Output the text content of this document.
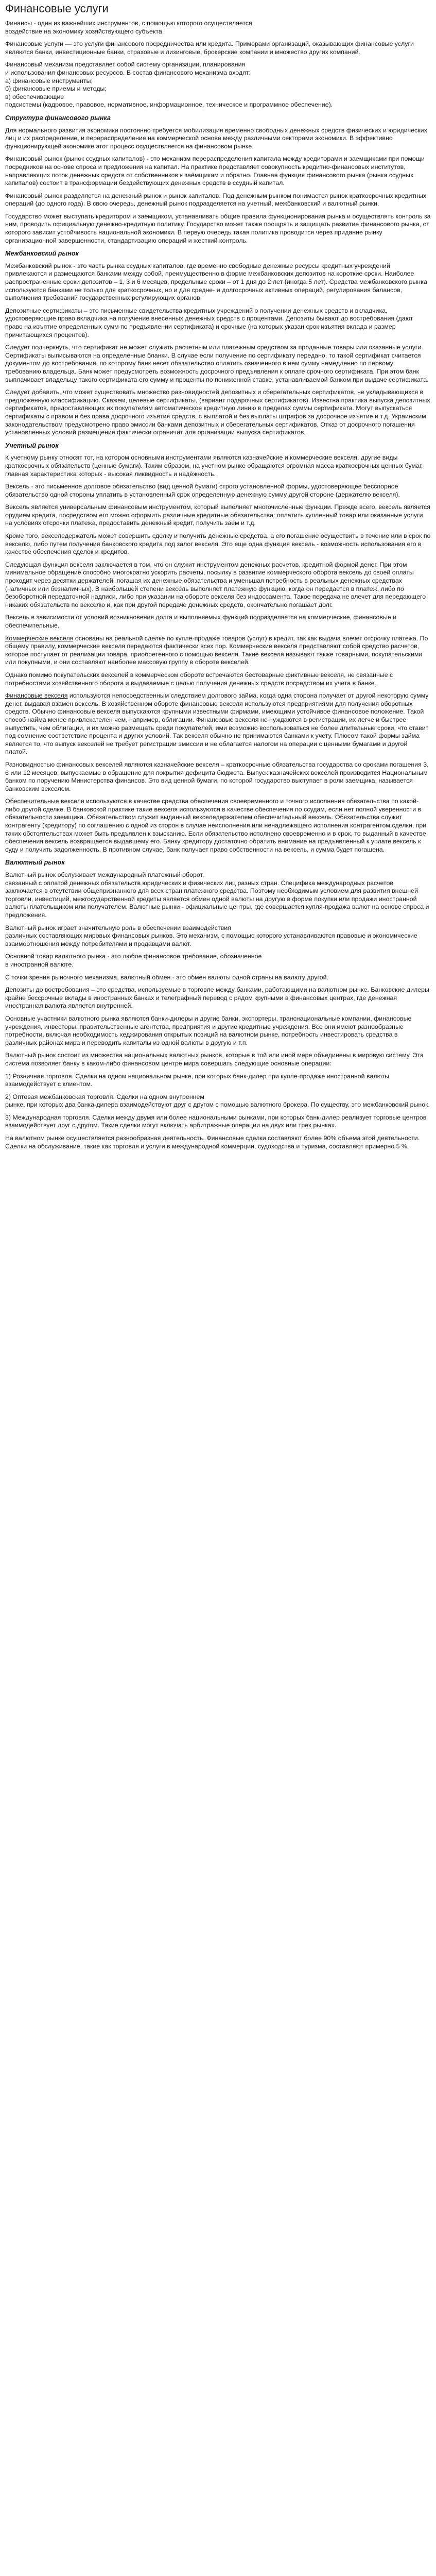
Финансовые услуги

Финансы - один из важнейших инструментов, с помощью которого осуществляется
воздействие на экономику хозяйствующего субъекта.

Финансовые услуги — это услуги финансового посредничества или кредита. Примерами организаций, оказывающих финансовые услуги являются банки, инвестиционные банки, страховые и лизинговые, брокерские компании и множество других компаний.

Финансовый механизм представляет собой систему организации, планирования
и использования финансовых ресурсов. В состав финансового механизма входят:
а) финансовые инструменты;
б) финансовые приемы и методы;
в) обеспечивающие
подсистемы (кадровое, правовое, нормативное, информационное, техническое и программное обеспечение).

Структура финансового рынка

Для нормального развития экономики постоянно требуется мобилизация временно свободных денежных средств физических и юридических лиц и их распределение, и перераспределение на коммерческой основе между различными секторами экономики. В эффективно функционирующей экономике этот процесс осуществляется на финансовом рынке.

Финансовый рынок (рынок ссудных капиталов) - это механизм перераспределения капитала между кредиторами и заемщиками при помощи посредников на основе спроса и предложения на капитал. На практике представляет совокупность кредитно-финансовых институтов, направляющих поток денежных средств от собственников к заёмщикам и обратно. Главная функция финансового рынка (рынка ссудных капиталов) состоит в трансформации бездействующих денежных средств в ссудный капитал.

Финансовый рынок разделяется на денежный рынок и рынок капиталов. Под денежным рынком понимается рынок краткосрочных кредитных операций (до одного года). В свою очередь, денежный рынок подразделяется на учетный, межбанковский и валютный рынки.

Государство может выступать кредитором и заемщиком, устанавливать общие правила функционирования рынка и осуществлять контроль за ним, проводить официальную денежно-кредитную политику. Государство может также поощрять и защищать развитие финансового рынка, от которого зависит устойчивость национальной экономики. В первую очередь такая политика проводится через придание рынку организационной завершенности, стандартизацию операций и жесткий контроль.

Межбанковский рынок

Межбанковский рынок - это часть рынка ссудных капиталов, где временно свободные денежные ресурсы кредитных учреждений привлекаются и размещаются банками между собой, преимущественно в форме межбанковских депозитов на короткие сроки. Наиболее распространенные сроки депозитов – 1, 3 и 6 месяцев, предельные сроки – от 1 дня до 2 лет (иногда 5 лет). Средства межбанковского рынка используются банками не только для краткосрочных, но и для средне- и долгосрочных активных операций, регулирования балансов, выполнения требований государственных регулирующих органов.

Депозитные сертификаты – это письменные свидетельства кредитных учреждений о получении денежных средств и вкладчика, удостоверяющие право вкладчика на получение внесенных денежных средств с процентами. Депозиты бывают до востребования (дают право на изъятие определенных сумм по предъявлении сертификата) и срочные (на которых указан срок изъятия вклада и размер причитающихся процентов).

Следует подчеркнуть, что сертификат не может служить расчетным или платежным средством за проданные товары или оказанные услуги. Сертификаты выписываются на определенные бланки. В случае если получение по сертификату передано, то такой сертификат считается документом до востребования, по которому банк несет обязательство оплатить означенного в нем сумму немедленно по первому требованию владельца. Банк может предусмотреть возможность досрочного предъявления к оплате срочного сертификата. При этом банк выплачивает владельцу такого сертификата его сумму и проценты по пониженной ставке, устанавливаемой банком при выдаче сертификата.

Следует добавить, что может существовать множество разновидностей депозитных и сберегательных сертификатов, не укладывающихся в предложенную классификацию. Скажем, целевые сертификаты, (вариант подарочных сертификатов). Известна практика выпуска депозитных сертификатов, предоставляющих их покупателям автоматическое кредитную линию в пределах суммы сертификата. Могут выпускаться сертификаты с правом и без права досрочного изъятия средств, с выплатой и без выплаты штрафов за досрочное изъятие и т.д. Украинским законодательством предусмотрено право эмиссии банками депозитных и сберегательных сертификатов. Отказ от досрочного погашения установленных условий размещения фактически ограничит для организации выпуска сертификатов.

Учетный рынок

К учетному рынку относят тот, на котором основными инструментами являются казначейские и коммерческие векселя, другие виды краткосрочных обязательств (ценные бумаги). Таким образом, на учетном рынке обращаются огромная масса краткосрочных ценных бумаг, главная характеристика которых - высокая ликвидность и надёжность.

Вексель - это письменное долговое обязательство (вид ценной бумаги) строго установленной формы, удостоверяющее бесспорное обязательство одной стороны уплатить в установленный срок определенную денежную сумму другой стороне (держателю векселя).

Вексель является универсальным финансовым инструментом, который выполняет многочисленные функции. Прежде всего, вексель является орудием кредита, посредством его можно оформить различные кредитные обязательства: оплатить купленный товар или оказанные услуги на условиях отсрочки платежа, предоставить денежный кредит, получить заем и т.д.

Кроме того, векселедержатель может совершить сделку и получить денежные средства, а его погашение осуществить в течение или в срок по векселю, либо путем получения банковского кредита под залог векселя. Это еще одна функция вексель - возможность использования его в качестве обеспечения сделок и кредитов.

Следующая функция векселя заключается в том, что он служит инструментом денежных расчетов, кредитной формой денег. При этом минимальное обращение способно многократно ускорить расчеты, посылку в развитие коммерческого оборота вексель до своей оплаты проходит через десятки держателей, погашая их денежные обязательства и уменьшая потребность в реальных денежных средствах (наличных или безналичных). В наибольшей степени вексель выполняет платежную функцию, когда он передается в платеж, либо по безоборотной передаточной надписи, либо при указании на обороте векселя без индоссамента. Такое передача не влечет для передающего никаких обязательств по векселю и, как при другой передаче денежных средств, окончательно погашает долг.

Вексель в зависимости от условий возникновения долга и выполняемых функций подразделяется на коммерческие, финансовые и обеспечительные.

Коммерческие векселя основаны на реальной сделке по купле-продаже товаров (услуг) в кредит, так как выдача влечет отсрочку платежа. По общему правилу, коммерческие векселя передаются фактически всех пор. Коммерческие векселя представляют собой средство расчетов, которое поступает от реализации товара, приобретенного с помощью векселя. Такие векселя называют также товарными, покупательскими или покупными, и они составляют наиболее массовую группу в обороте векселей.

Однако помимо покупательских векселей в коммерческом обороте встречаются бестоварные фиктивные векселя, не связанные с потребностями хозяйственного оборота и выдаваемые с целью получения денежных средств посредством их учета в банке.

Финансовые векселя используются непосредственным следствием долгового займа, когда одна сторона получает от другой некоторую сумму денег, выдавая взамен вексель. В хозяйственном обороте финансовые векселя используются предприятиями для получения оборотных средств. Обычно финансовые векселя выпускаются крупными известными фирмами, имеющими устойчивое финансовое положение. Такой способ найма менее привлекателен чем, например, облигации. Финансовые векселя не нуждаются в регистрации, их легче и быстрее выпустить, чем облигации, и их можно размещать среди покупателей, ими возможно воспользоваться не более длительные сроки, что ставит под сомнение соответствие процента и других условий. Так векселя обычно не принимаются банками к учету. Плюсом такой формы займа является то, что выпуск векселей не требует регистрации эмиссии и не облагается налогом на операции с ценными бумагами и другой платой.

Разновидностью финансовых векселей являются казначейские векселя – краткосрочные обязательства государства со сроками погашения 3, 6 или 12 месяцев, выпускаемые в обращение для покрытия дефицита бюджета. Выпуск казначейских векселей производится Национальным банком по поручению Министерства финансов. Это вид ценной бумаги, по которой государство выступает в роли заемщика, называется банковским векселем.

Обеспечительные векселя используются в качестве средства обеспечения своевременного и точного исполнения обязательства по какой-либо другой сделке. В банковской практике такие векселя используются в качестве обеспечения по ссудам, если нет полной уверенности в обязательности заемщика. Обязательством служит выданный векселедержателем обеспечительный вексель. Обязательства служит контрагенту (кредитору) по соглашению с одной из сторон в случае неисполнения или ненадлежащего исполнения контрагентом сделки, при таких обстоятельствах может быть предъявлен к взысканию. Если обязательство исполнено своевременно и в срок, то выданный в качестве обеспечения вексель возвращается выдавшему его. Банку кредитору достаточно обратить внимание на предъявленный к уплате вексель к суду и получить задолженность. В противном случае, банк получает право собственности на вексель, и сумма будет погашена.

Валютный рынок

Валютный рынок обслуживает международный платежный оборот,
связанный с оплатой денежных обязательств юридических и физических лиц разных стран. Специфика международных расчетов заключается в отсутствии общепризнанного для всех стран платежного средства. Поэтому необходимым условием для развития внешней торговли, инвестиций, межгосударственной кредиты является обмен одной валюты на другую в форме покупки или продажи иностранной валюты плательщиком или получателем. Валютные рынки - официальные центры, где совершается купля-продажа валют на основе спроса и предложения.

Валютный рынок играет значительную роль в обеспечении взаимодействия
различных составляющих мировых финансовых рынков. Это механизм, с помощью которого устанавливаются правовые и экономические взаимоотношения между потребителями и продавцами валют.

Основной товар валютного рынка - это любое финансовое требование, обозначенное
в иностранной валюте.

С точки зрения рыночного механизма, валютный обмен - это обмен валюты одной страны на валюту другой.

Депозиты до востребования – это средства, используемые в торговле между банками, работающими на валютном рынке. Банковские дилеры крайне бессрочные вклады в иностранных банках и телеграфный перевод с рядом крупными в финансовых центрах, где денежная иностранная валюта является внутренней.

Основные участники валютного рынка являются банки-дилеры и другие банки, экспортеры, транснациональные компании, финансовые учреждения, инвесторы, правительственные агентства, предприятия и другие кредитные учреждения. Все они имеют разнообразные потребности, включая необходимость хеджирования открытых позиций на валютном рынке, потребность инвестировать средства в различных районах мира и переводить капиталы из одной валюты в другую и т.п.

Валютный рынок состоит из множества национальных валютных рынков, которые в той или иной мере объединены в мировую систему. Эта система позволяет банку в каком-либо финансовом центре мира совершать следующие основные операции:

1) Розничная торговля. Сделки на одном национальном рынке, при которых банк-дилер при купле-продаже иностранной валюты взаимодействует с клиентом.

2) Оптовая межбанковская торговля. Сделки на одном внутреннем
рынке, при которых два банка-дилера взаимодействуют друг с другом с помощью валютного брокера. По существу, это межбанковский рынок.

3) Международная торговля. Сделки между двумя или более национальными рынками, при которых банк-дилер реализует торговые центров взаимодействует друг с другом. Такие сделки могут включать арбитражные операции на двух или трех рынках.

На валютном рынке осуществляется разнообразная деятельность. Финансовые сделки составляют более 90% объема этой деятельности. Сделки на обслуживание, такие как торговля и услуги в международной коммерции, судоходства и туризма, составляют примерно 5 %.
